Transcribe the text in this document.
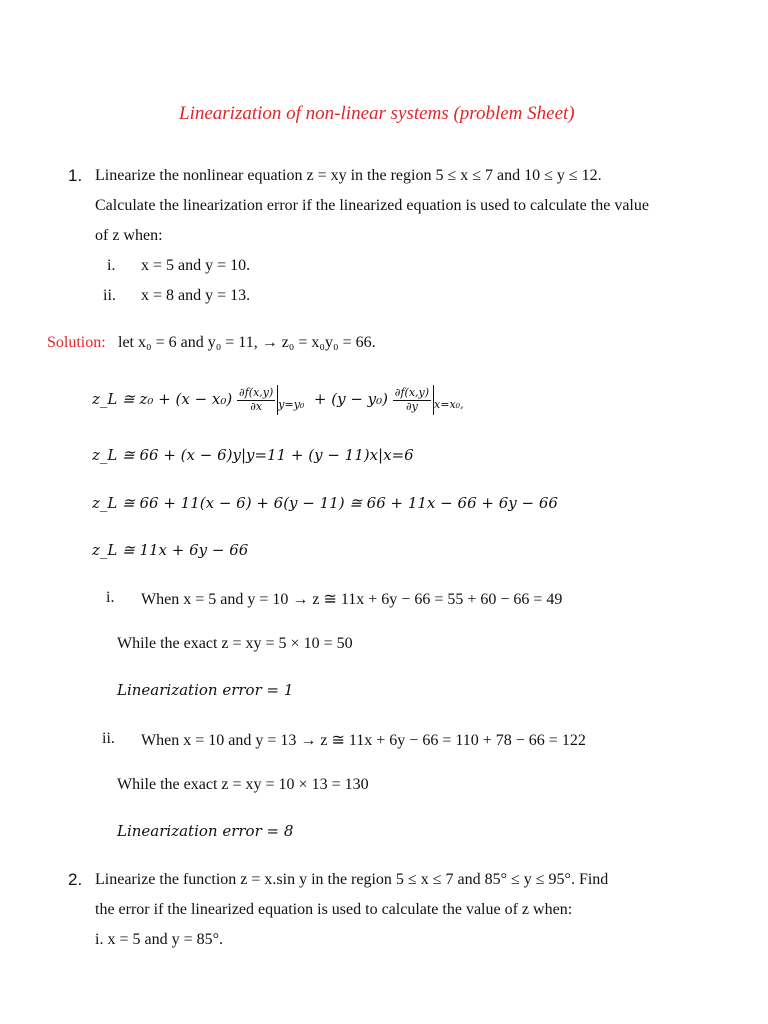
Linearization of non-linear systems (problem Sheet)
1. Linearize the nonlinear equation z = xy in the region 5 ≤ x ≤ 7 and 10 ≤ y ≤ 12.
Calculate the linearization error if the linearized equation is used to calculate the value
of z when:
i. x = 5 and y = 10.
ii. x = 8 and y = 13.
Solution: let x₀ = 6 and y₀ = 11, → z₀ = x₀y₀ = 66.
z_L ≅ $z_0 + (x - x_0) \frac{\partial f(x,y)}{\partial x} _{y=y_0} + (y - y_0) \frac{\partial f(x,y)}{\partial y} _{x=x_0,}$
z_L ≅ 66 + (x − 6)y|y=11 + (y − 11)x|x=6
z_L ≅ 66 + 11(x − 6) + 6(y − 11) ≅ 66 + 11x − 66 + 6y − 66
z_L ≅ 11x + 6y − 66
i. When x = 5 and y = 10 → z ≅ 11x + 6y − 66 = 55 + 60 − 66 = 49
While the exact z = xy = 5 × 10 = 50
Linearization error = 1
ii. When x = 10 and y = 13 → z ≅ 11x + 6y − 66 = 110 + 78 − 66 = 122
While the exact z = xy = 10 × 13 = 130
Linearization error = 8
2. Linearize the function z = x.sin y in the region 5 ≤ x ≤ 7 and 85° ≤ y ≤ 95°. Find
the error if the linearized equation is used to calculate the value of z when:
i. x = 5 and y = 85°.
